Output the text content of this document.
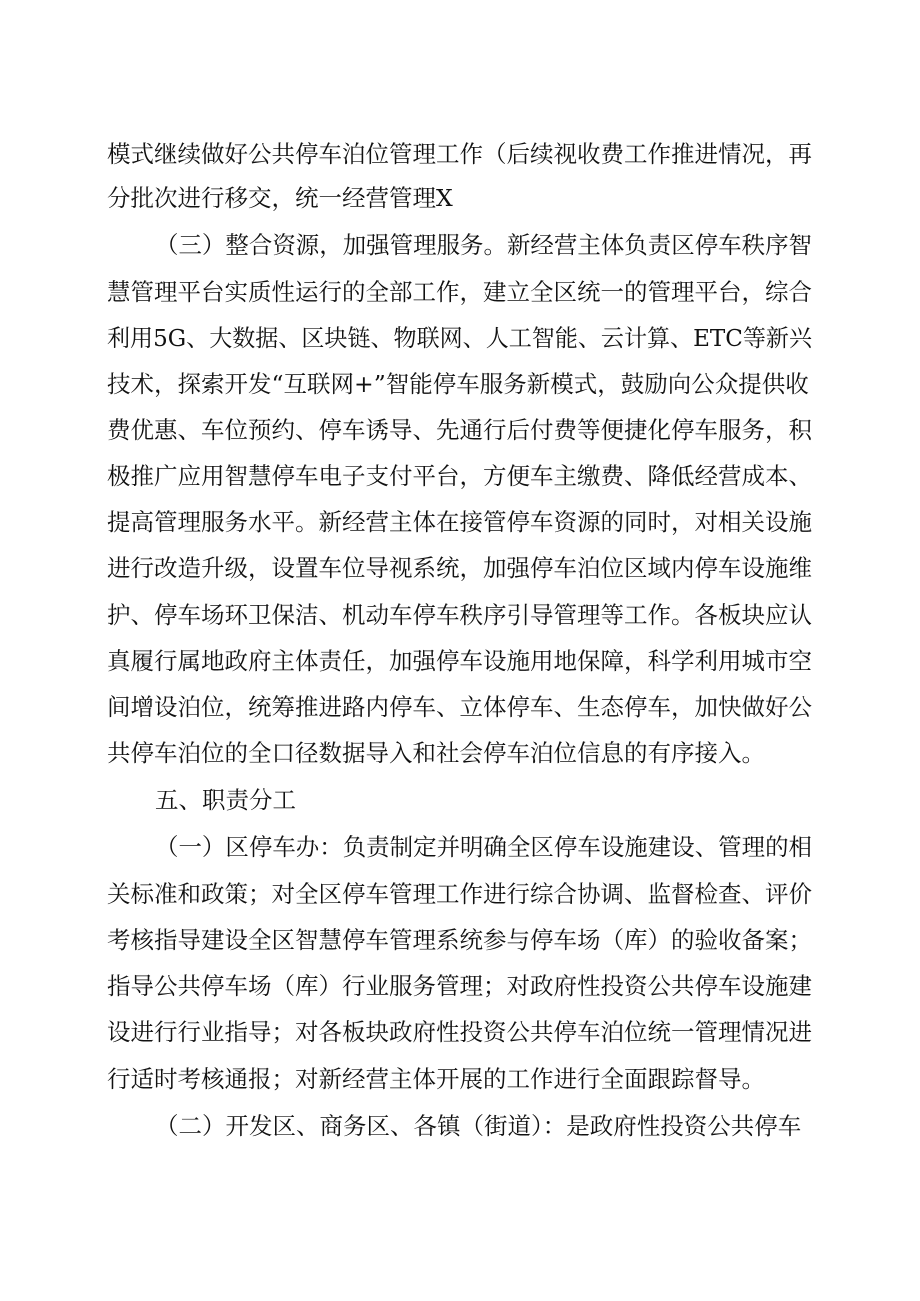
模式继续做好公共停车泊位管理工作（后续视收费工作推进情况，再
分批次进行移交，统一经营管理X
（三）整合资源，加强管理服务。新经营主体负责区停车秩序智
慧管理平台实质性运行的全部工作，建立全区统一的管理平台，综合
利用5G、大数据、区块链、物联网、人工智能、云计算、ETC等新兴
技术，探索开发“互联网+”智能停车服务新模式，鼓励向公众提供收
费优惠、车位预约、停车诱导、先通行后付费等便捷化停车服务，积
极推广应用智慧停车电子支付平台，方便车主缴费、降低经营成本、
提高管理服务水平。新经营主体在接管停车资源的同时，对相关设施
进行改造升级，设置车位导视系统，加强停车泊位区域内停车设施维
护、停车场环卫保洁、机动车停车秩序引导管理等工作。各板块应认
真履行属地政府主体责任，加强停车设施用地保障，科学利用城市空
间增设泊位，统筹推进路内停车、立体停车、生态停车，加快做好公
共停车泊位的全口径数据导入和社会停车泊位信息的有序接入。
五、职责分工
（一）区停车办：负责制定并明确全区停车设施建设、管理的相
关标准和政策；对全区停车管理工作进行综合协调、监督检查、评价
考核指导建设全区智慧停车管理系统参与停车场（库）的验收备案；
指导公共停车场（库）行业服务管理；对政府性投资公共停车设施建
设进行行业指导；对各板块政府性投资公共停车泊位统一管理情况进
行适时考核通报；对新经营主体开展的工作进行全面跟踪督导。
（二）开发区、商务区、各镇（街道）：是政府性投资公共停车
